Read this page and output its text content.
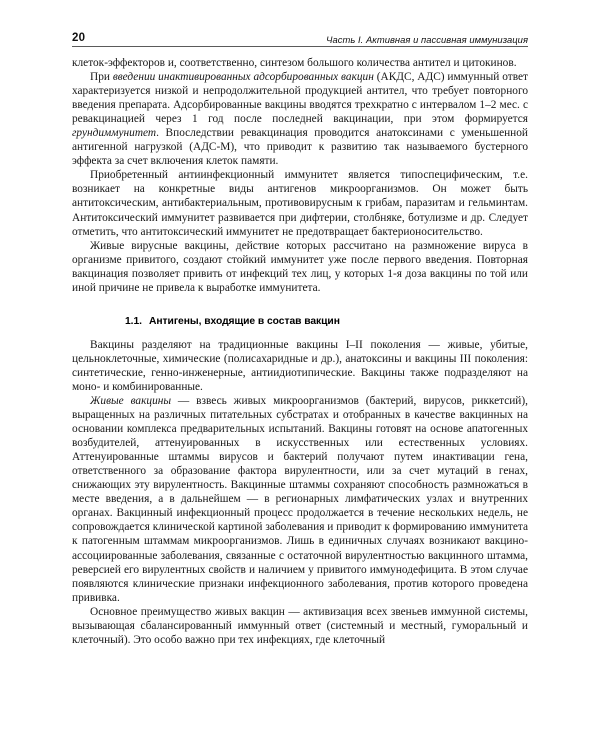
20	Часть I. Активная и пассивная иммунизация

клеток-эффекторов и, соответственно, синтезом большого количества антител и цитокинов.

При введении инактивированных адсорбированных вакцин (АКДС, АДС) иммунный ответ характеризуется низкой и непродолжительной продукцией антител, что требует повторного введения препарата. Адсорбированные вакцины вводятся трехкратно с интервалом 1–2 мес. с ревакцинацией через 1 год после последней вакцинации, при этом формируется грундиммунитет. Впоследствии ревакцинация проводится анатоксинами с уменьшенной антигенной нагрузкой (АДС-М), что приводит к развитию так называемого бустерного эффекта за счет включения клеток памяти.

Приобретенный антиинфекционный иммунитет является типоспецифическим, т.е. возникает на конкретные виды антигенов микроорганизмов. Он может быть антитоксическим, антибактериальным, противовирусным к грибам, паразитам и гельминтам. Антитоксический иммунитет развивается при дифтерии, столбняке, ботулизме и др. Следует отметить, что антитоксический иммунитет не предотвращает бактерионосительство.

Живые вирусные вакцины, действие которых рассчитано на размножение вируса в организме привитого, создают стойкий иммунитет уже после первого введения. Повторная вакцинация позволяет привить от инфекций тех лиц, у которых 1-я доза вакцины по той или иной причине не привела к выработке иммунитета.

1.1. Антигены, входящие в состав вакцин

Вакцины разделяют на традиционные вакцины I–II поколения — живые, убитые, цельноклеточные, химические (полисахаридные и др.), анатоксины и вакцины III поколения: синтетические, генно-инженерные, антиидиотипические. Вакцины также подразделяют на моно- и комбинированные.

Живые вакцины — взвесь живых микроорганизмов (бактерий, вирусов, риккетсий), выращенных на различных питательных субстратах и отобранных в качестве вакцинных на основании комплекса предварительных испытаний. Вакцины готовят на основе апатогенных возбудителей, аттенуированных в искусственных или естественных условиях. Аттенуированные штаммы вирусов и бактерий получают путем инактивации гена, ответственного за образование фактора вирулентности, или за счет мутаций в генах, снижающих эту вирулентность. Вакцинные штаммы сохраняют способность размножаться в месте введения, а в дальнейшем — в регионарных лимфатических узлах и внутренних органах. Вакцинный инфекционный процесс продолжается в течение нескольких недель, не сопровождается клинической картиной заболевания и приводит к формированию иммунитета к патогенным штаммам микроорганизмов. Лишь в единичных случаях возникают вакцино-ассоциированные заболевания, связанные с остаточной вирулентностью вакцинного штамма, реверсией его вирулентных свойств и наличием у привитого иммунодефицита. В этом случае появляются клинические признаки инфекционного заболевания, против которого проведена прививка.

Основное преимущество живых вакцин — активизация всех звеньев иммунной системы, вызывающая сбалансированный иммунный ответ (системный и местный, гуморальный и клеточный). Это особо важно при тех инфекциях, где клеточный
